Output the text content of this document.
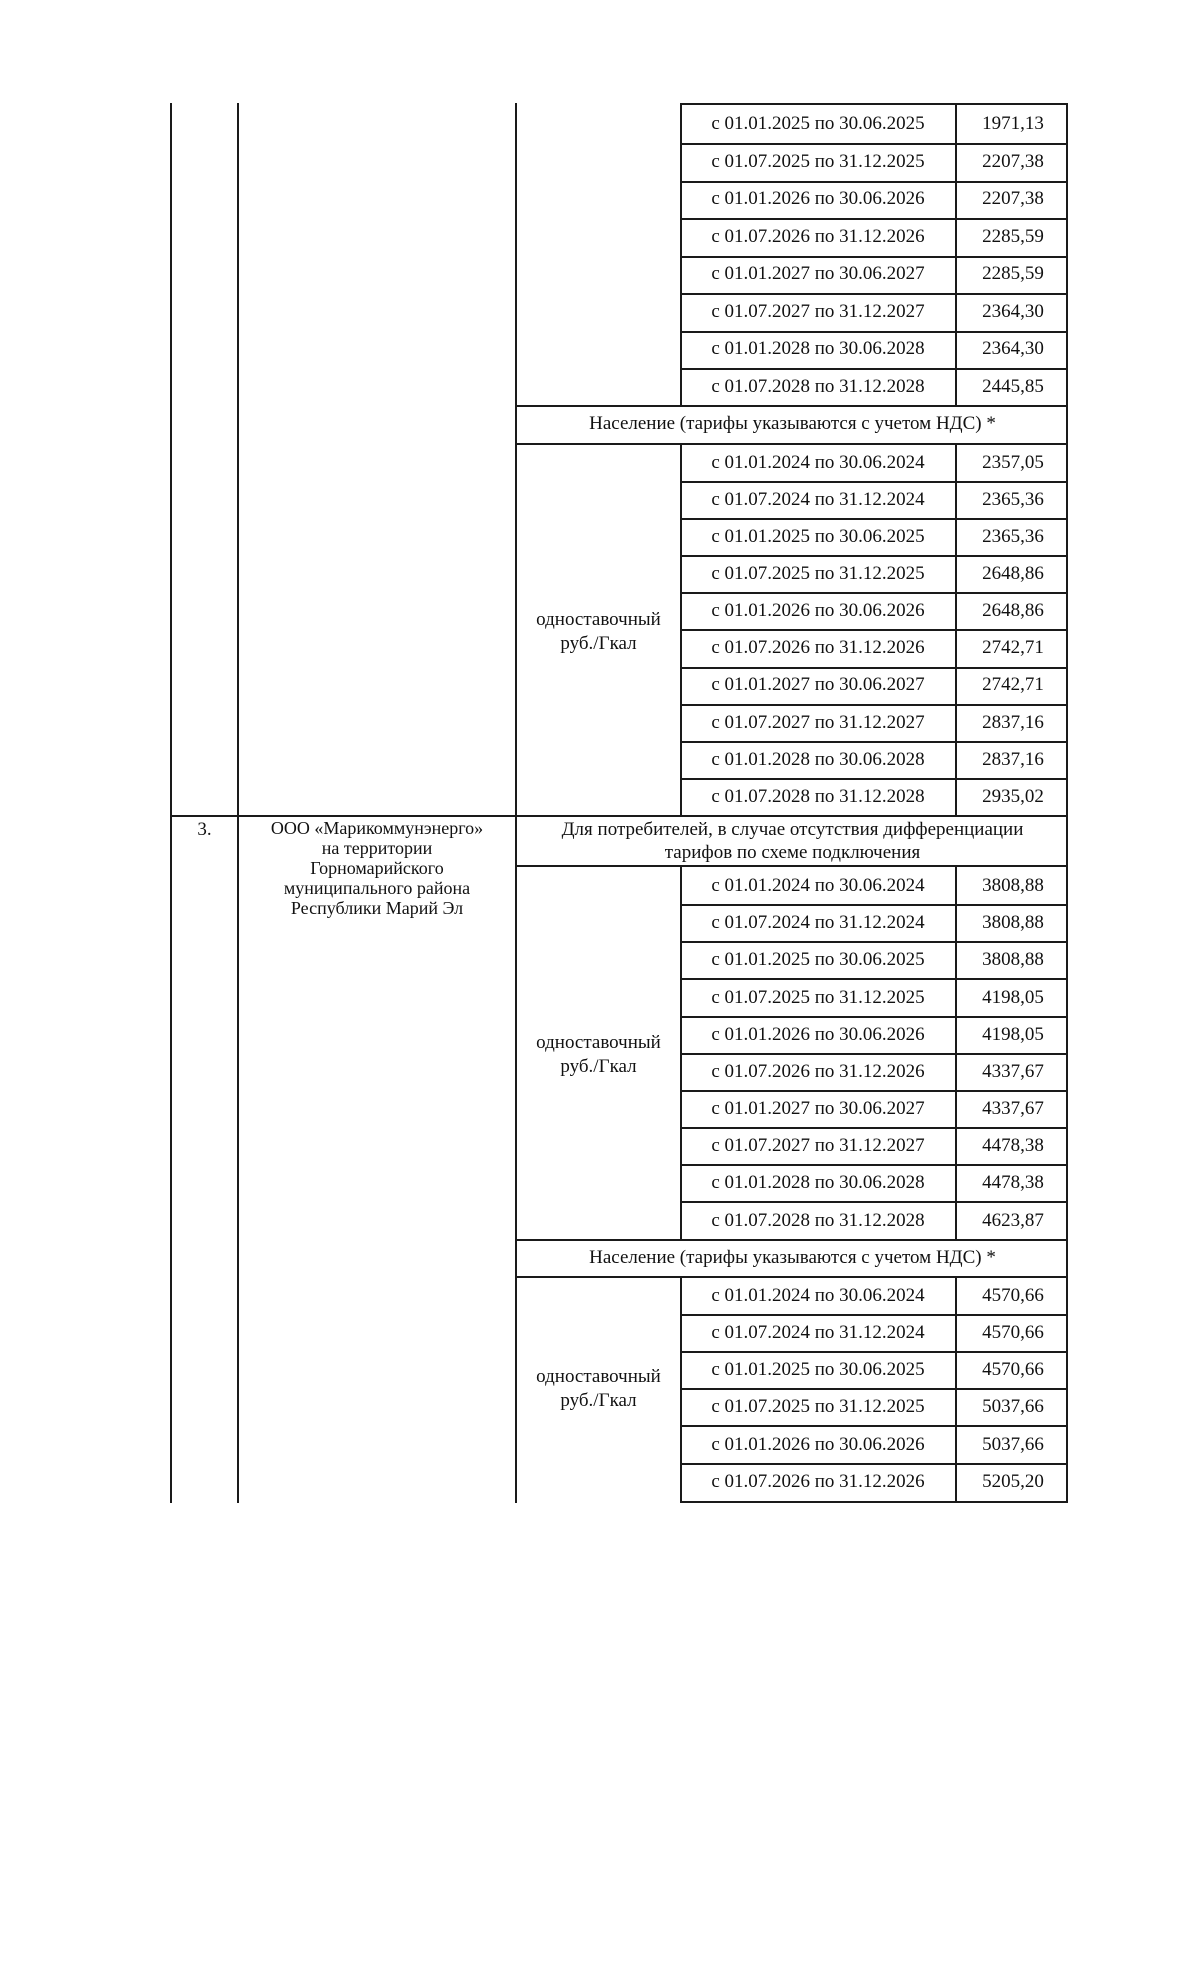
с 01.01.2025 по 30.06.2025	1971,13
с 01.07.2025 по 31.12.2025	2207,38
с 01.01.2026 по 30.06.2026	2207,38
с 01.07.2026 по 31.12.2026	2285,59
с 01.01.2027 по 30.06.2027	2285,59
с 01.07.2027 по 31.12.2027	2364,30
с 01.01.2028 по 30.06.2028	2364,30
с 01.07.2028 по 31.12.2028	2445,85
Население (тарифы указываются с учетом НДС) *
одноставочный
руб./Гкал
с 01.01.2024 по 30.06.2024	2357,05
с 01.07.2024 по 31.12.2024	2365,36
с 01.01.2025 по 30.06.2025	2365,36
с 01.07.2025 по 31.12.2025	2648,86
с 01.01.2026 по 30.06.2026	2648,86
с 01.07.2026 по 31.12.2026	2742,71
с 01.01.2027 по 30.06.2027	2742,71
с 01.07.2027 по 31.12.2027	2837,16
с 01.01.2028 по 30.06.2028	2837,16
с 01.07.2028 по 31.12.2028	2935,02
3.	ООО «Марикоммунэнерго»
на территории
Горномарийского
муниципального района
Республики Марий Эл
Для потребителей, в случае отсутствия дифференциации
тарифов по схеме подключения
одноставочный
руб./Гкал
с 01.01.2024 по 30.06.2024	3808,88
с 01.07.2024 по 31.12.2024	3808,88
с 01.01.2025 по 30.06.2025	3808,88
с 01.07.2025 по 31.12.2025	4198,05
с 01.01.2026 по 30.06.2026	4198,05
с 01.07.2026 по 31.12.2026	4337,67
с 01.01.2027 по 30.06.2027	4337,67
с 01.07.2027 по 31.12.2027	4478,38
с 01.01.2028 по 30.06.2028	4478,38
с 01.07.2028 по 31.12.2028	4623,87
Население (тарифы указываются с учетом НДС) *
одноставочный
руб./Гкал
с 01.01.2024 по 30.06.2024	4570,66
с 01.07.2024 по 31.12.2024	4570,66
с 01.01.2025 по 30.06.2025	4570,66
с 01.07.2025 по 31.12.2025	5037,66
с 01.01.2026 по 30.06.2026	5037,66
с 01.07.2026 по 31.12.2026	5205,20
